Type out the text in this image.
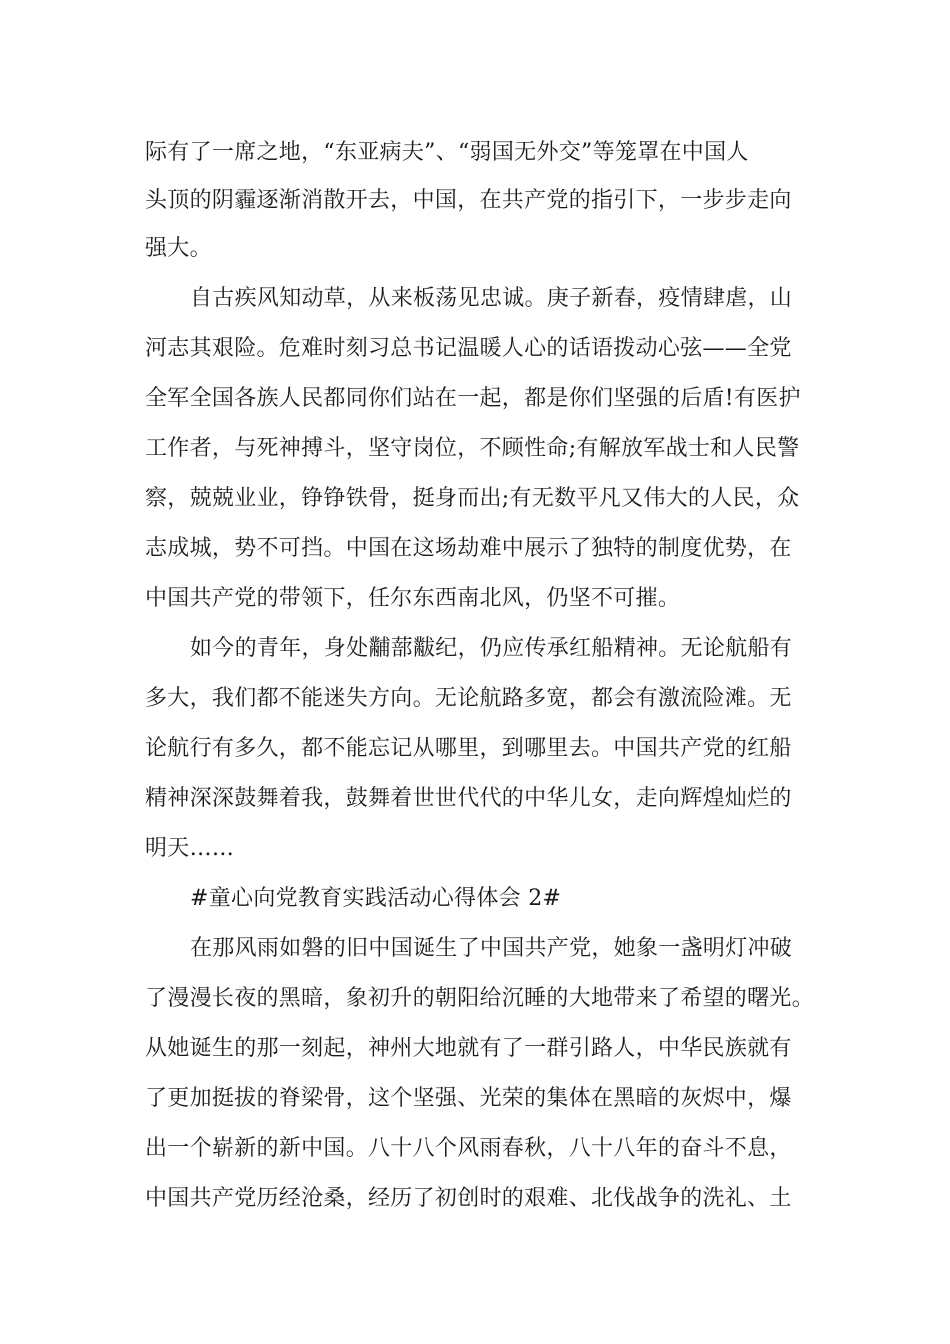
际有了一席之地，“东亚病夫”、“弱国无外交”等笼罩在中国人
头顶的阴霾逐渐消散开去，中国，在共产党的指引下，一步步走向
强大。
自古疾风知动草，从来板荡见忠诚。庚子新春，疫情肆虐，山
河志其艰险。危难时刻习总书记温暖人心的话语拨动心弦——全党
全军全国各族人民都同你们站在一起，都是你们坚强的后盾!有医护
工作者，与死神搏斗，坚守岗位，不顾性命;有解放军战士和人民警
察，兢兢业业，铮铮铁骨，挺身而出;有无数平凡又伟大的人民，众
志成城，势不可挡。中国在这场劫难中展示了独特的制度优势，在
中国共产党的带领下，任尔东西南北风，仍坚不可摧。
如今的青年，身处黼蔀黻纪，仍应传承红船精神。无论航船有
多大，我们都不能迷失方向。无论航路多宽，都会有激流险滩。无
论航行有多久，都不能忘记从哪里，到哪里去。中国共产党的红船
精神深深鼓舞着我，鼓舞着世世代代的中华儿女，走向辉煌灿烂的
明天……
#童心向党教育实践活动心得体会 2#
在那风雨如磐的旧中国诞生了中国共产党，她象一盏明灯冲破
了漫漫长夜的黑暗，象初升的朝阳给沉睡的大地带来了希望的曙光。
从她诞生的那一刻起，神州大地就有了一群引路人，中华民族就有
了更加挺拔的脊梁骨，这个坚强、光荣的集体在黑暗的灰烬中，爆
出一个崭新的新中国。八十八个风雨春秋，八十八年的奋斗不息，
中国共产党历经沧桑，经历了初创时的艰难、北伐战争的洗礼、土
